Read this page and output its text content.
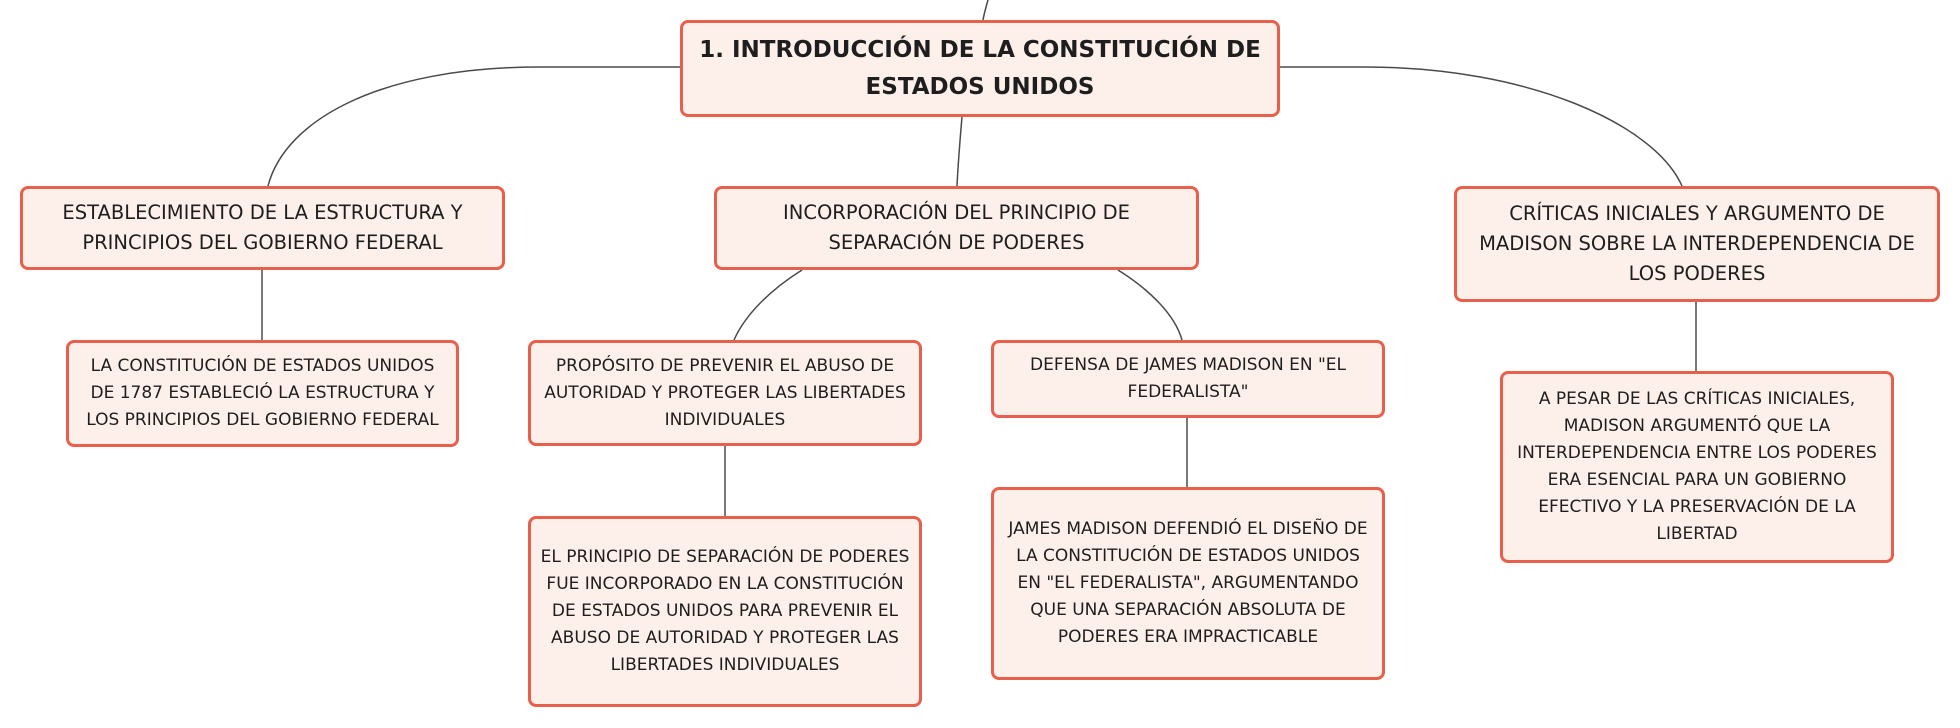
1. INTRODUCCIÓN DE LA CONSTITUCIÓN DE ESTADOS UNIDOS
ESTABLECIMIENTO DE LA ESTRUCTURA Y PRINCIPIOS DEL GOBIERNO FEDERAL
INCORPORACIÓN DEL PRINCIPIO DE SEPARACIÓN DE PODERES
CRÍTICAS INICIALES Y ARGUMENTO DE MADISON SOBRE LA INTERDEPENDENCIA DE LOS PODERES
LA CONSTITUCIÓN DE ESTADOS UNIDOS DE 1787 ESTABLECIÓ LA ESTRUCTURA Y LOS PRINCIPIOS DEL GOBIERNO FEDERAL
PROPÓSITO DE PREVENIR EL ABUSO DE AUTORIDAD Y PROTEGER LAS LIBERTADES INDIVIDUALES
DEFENSA DE JAMES MADISON EN "EL FEDERALISTA"	A PESAR DE LAS CRÍTICAS INICIALES, MADISON ARGUMENTÓ QUE LA INTERDEPENDENCIA ENTRE LOS PODERES ERA ESENCIAL PARA UN GOBIERNO EFECTIVO Y LA PRESERVACIÓN DE LA LIBERTAD
EL PRINCIPIO DE SEPARACIÓN DE PODERES FUE INCORPORADO EN LA CONSTITUCIÓN DE ESTADOS UNIDOS PARA PREVENIR EL ABUSO DE AUTORIDAD Y PROTEGER LAS LIBERTADES INDIVIDUALES
JAMES MADISON DEFENDIÓ EL DISEÑO DE LA CONSTITUCIÓN DE ESTADOS UNIDOS EN "EL FEDERALISTA", ARGUMENTANDO QUE UNA SEPARACIÓN ABSOLUTA DE PODERES ERA IMPRACTICABLE
